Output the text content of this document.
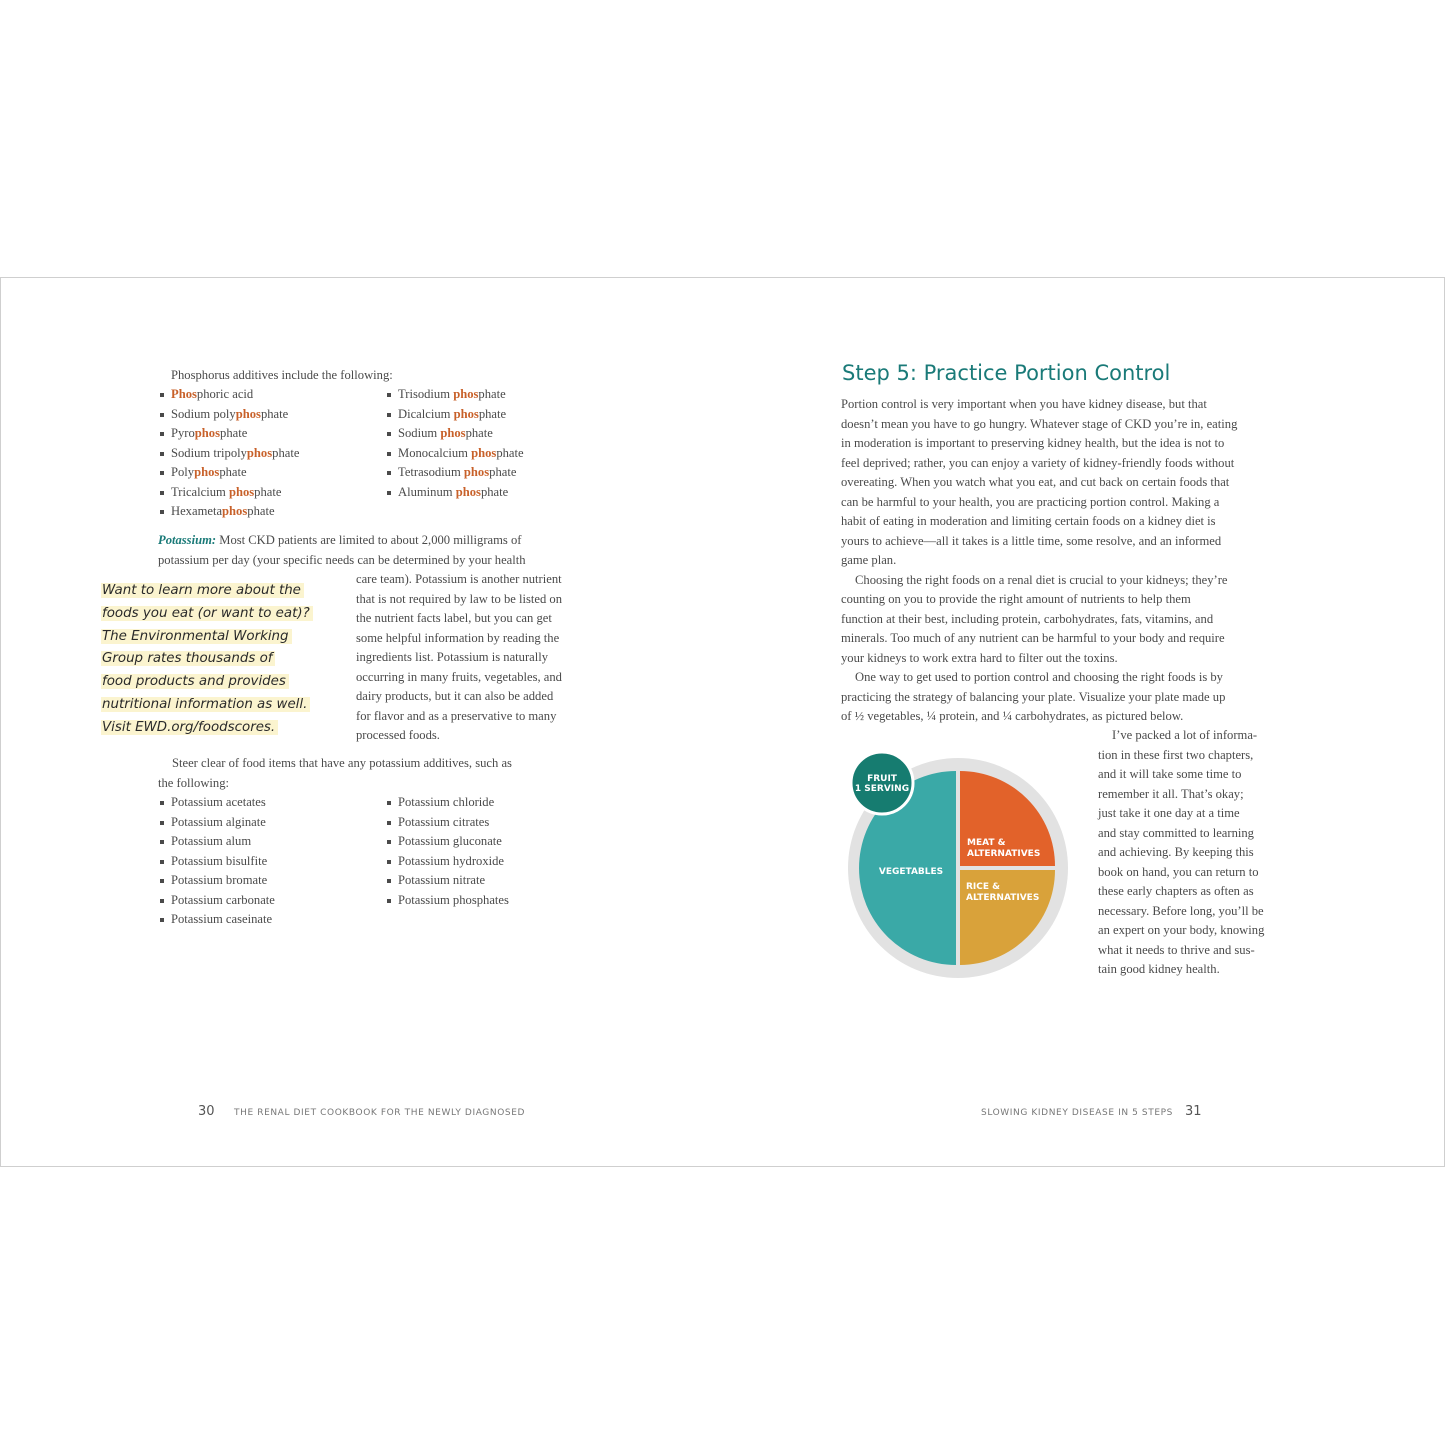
Phosphorus additives include the following:
Phosphoric acid
Sodium polyphosphate
Pyrophosphate
Sodium tripolyphosphate
Polyphosphate
Tricalcium phosphate
Hexametaphosphate
Trisodium phosphate
Dicalcium phosphate
Sodium phosphate
Monocalcium phosphate
Tetrasodium phosphate
Aluminum phosphate
Potassium: Most CKD patients are limited to about 2,000 milligrams of
potassium per day (your specific needs can be determined by your health
care team). Potassium is another nutrient
that is not required by law to be listed on
the nutrient facts label, but you can get
some helpful information by reading the
ingredients list. Potassium is naturally
occurring in many fruits, vegetables, and
dairy products, but it can also be added
for flavor and as a preservative to many
processed foods.
Want to learn more about the
foods you eat (or want to eat)?
The Environmental Working
Group rates thousands of
food products and provides
nutritional information as well.
Visit EWD.org/foodscores.
Steer clear of food items that have any potassium additives, such as
the following:
Potassium acetates
Potassium alginate
Potassium alum
Potassium bisulfite
Potassium bromate
Potassium carbonate
Potassium caseinate
Potassium chloride
Potassium citrates
Potassium gluconate
Potassium hydroxide
Potassium nitrate
Potassium phosphates
30 THE RENAL DIET COOKBOOK FOR THE NEWLY DIAGNOSED
Step 5: Practice Portion Control
Portion control is very important when you have kidney disease, but that
doesn’t mean you have to go hungry. Whatever stage of CKD you’re in, eating
in moderation is important to preserving kidney health, but the idea is not to
feel deprived; rather, you can enjoy a variety of kidney-friendly foods without
overeating. When you watch what you eat, and cut back on certain foods that
can be harmful to your health, you are practicing portion control. Making a
habit of eating in moderation and limiting certain foods on a kidney diet is
yours to achieve—all it takes is a little time, some resolve, and an informed
game plan.
Choosing the right foods on a renal diet is crucial to your kidneys; they’re
counting on you to provide the right amount of nutrients to help them
function at their best, including protein, carbohydrates, fats, vitamins, and
minerals. Too much of any nutrient can be harmful to your body and require
your kidneys to work extra hard to filter out the toxins.
One way to get used to portion control and choosing the right foods is by
practicing the strategy of balancing your plate. Visualize your plate made up
of ½ vegetables, ¼ protein, and ¼ carbohydrates, as pictured below.
I’ve packed a lot of informa-
tion in these first two chapters,
and it will take some time to
remember it all. That’s okay;
just take it one day at a time
and stay committed to learning
and achieving. By keeping this
book on hand, you can return to
these early chapters as often as
necessary. Before long, you’ll be
an expert on your body, knowing
what it needs to thrive and sus-
tain good kidney health.
FRUIT
1 SERVING
VEGETABLES
MEAT &
ALTERNATIVES
RICE &
ALTERNATIVES
SLOWING KIDNEY DISEASE IN 5 STEPS 31
